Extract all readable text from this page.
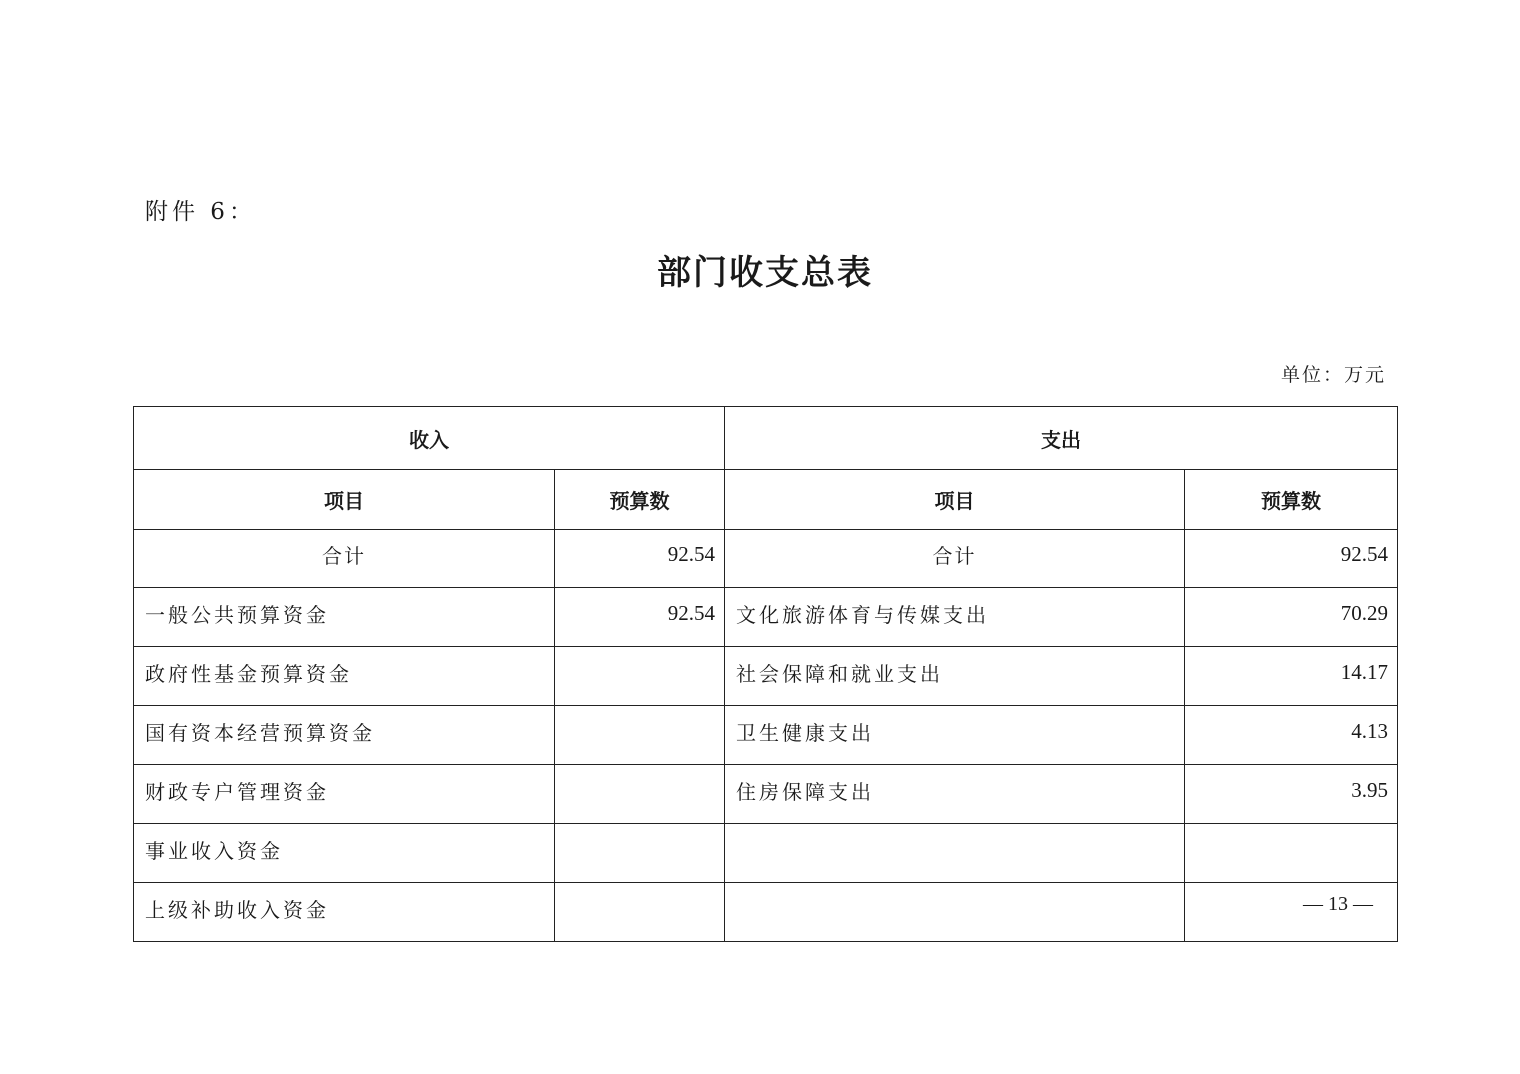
附件 6：
部门收支总表
单位：万元
收入		支出	
项目	预算数	项目	预算数
合计	92.54	合计	92.54
一般公共预算资金	92.54	文化旅游体育与传媒支出	70.29
政府性基金预算资金		社会保障和就业支出	14.17
国有资本经营预算资金		卫生健康支出	4.13
财政专户管理资金		住房保障支出	3.95
事业收入资金			
上级补助收入资金				— 13 —
